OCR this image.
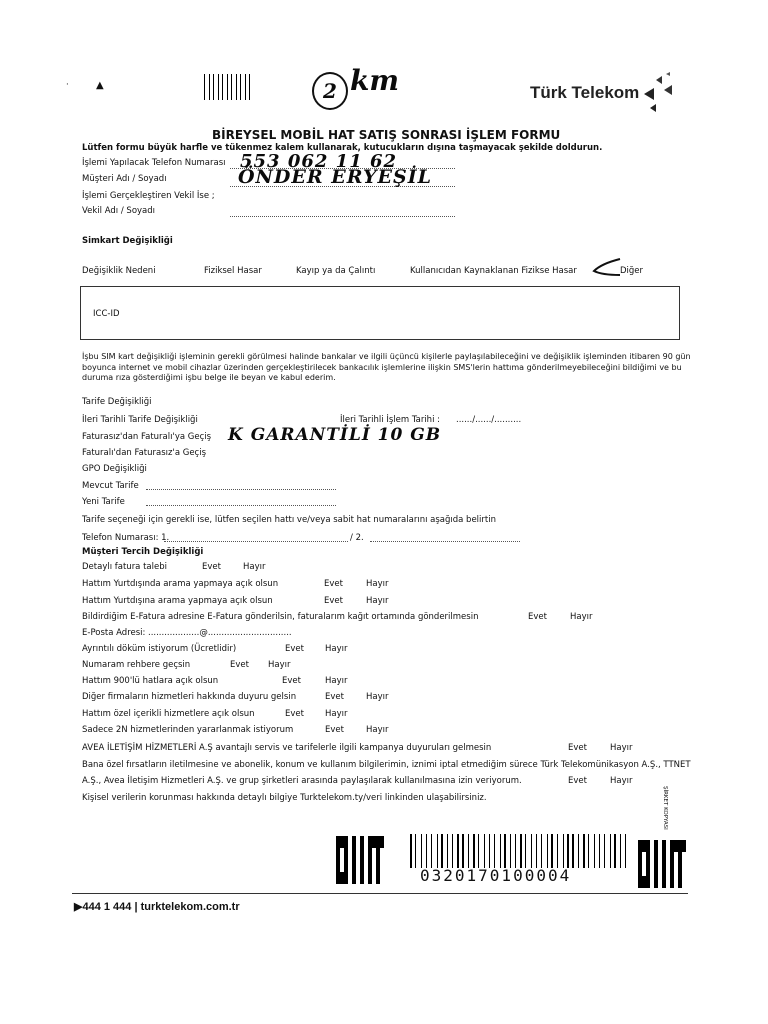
·	▲	2 km	Türk Telekom
BİREYSEL MOBİL HAT SATIŞ SONRASI İŞLEM FORMU
Lütfen formu büyük harfle ve tükenmez kalem kullanarak, kutucukların dışına taşmayacak şekilde doldurun.
İşlemi Yapılacak Telefon Numarası 553 062 11 62
Müşteri Adı / Soyadı	ÖNDER ERYEŞİL
İşlemi Gerçekleştiren Vekil İse ;
Vekil Adı / Soyadı
Simkart Değişikliği
Değişiklik Nedeni	Fiziksel Hasar	Kayıp ya da Çalıntı	Kullanıcıdan Kaynaklanan Fizikse Hasar	Diğer
ICC-ID
İşbu SIM kart değişikliği işleminin gerekli görülmesi halinde bankalar ve ilgili üçüncü kişilerle paylaşılabileceğini ve değişiklik işleminden itibaren 90 gün boyunca internet ve mobil cihazlar üzerinden gerçekleştirilecek bankacılık işlemlerine ilişkin SMS'lerin hattıma gönderilmeyebileceğini bildiğimi ve bu duruma rıza gösterdiğimi işbu belge ile beyan ve kabul ederim.
Tarife Değişikliği
İleri Tarihli Tarife Değişikliği	İleri Tarihli İşlem Tarihi : ....../....../..........
Faturasız'dan Faturalı'ya Geçiş K GARANTİLİ 10 GB
Faturalı'dan Faturasız'a Geçiş
GPO Değişikliği
Mevcut Tarife
Yeni Tarife
Tarife seçeneği için gerekli ise, lütfen seçilen hattı ve/veya sabit hat numaralarını aşağıda belirtin
Telefon Numarası: 1.	/ 2.
Müşteri Tercih Değişikliği
Detaylı fatura talebi	Evet	Hayır
Hattım Yurtdışında arama yapmaya açık olsun	Evet	Hayır
Hattım Yurtdışına arama yapmaya açık olsun	Evet	Hayır
Bildirdiğim E-Fatura adresine E-Fatura gönderilsin, faturalarım kağıt ortamında gönderilmesin	Evet	Hayır
E-Posta Adresi: ...................@...............................
Ayrıntılı döküm istiyorum (Ücretlidir)	Evet Hayır
Numaram rehbere geçsin	Evet Hayır
Hattım 900'lü hatlara açık olsun	Evet	Hayır
Diğer firmaların hizmetleri hakkında duyuru gelsin	Evet	Hayır
Hattım özel içerikli hizmetlere açık olsun	Evet Hayır
Sadece 2N hizmetlerinden yararlanmak istiyorum	Evet	Hayır
AVEA İLETİŞİM HİZMETLERİ A.Ş avantajlı servis ve tarifelerle ilgili kampanya duyuruları gelmesin	Evet	Hayır
Bana özel fırsatların iletilmesine ve abonelik, konum ve kullanım bilgilerimin, iznimi iptal etmediğim sürece Türk Telekomünikasyon A.Ş., TTNET
A.Ş., Avea İletişim Hizmetleri A.Ş. ve grup şirketleri arasında paylaşılarak kullanılmasına izin veriyorum.	Evet	Hayır
Kişisel verilerin korunması hakkında detaylı bilgiye Turktelekom.ty/veri linkinden ulaşabilirsiniz.	ŞİRKET KOPYASI
0320170100004
▶444 1 444 | turktelekom.com.tr
